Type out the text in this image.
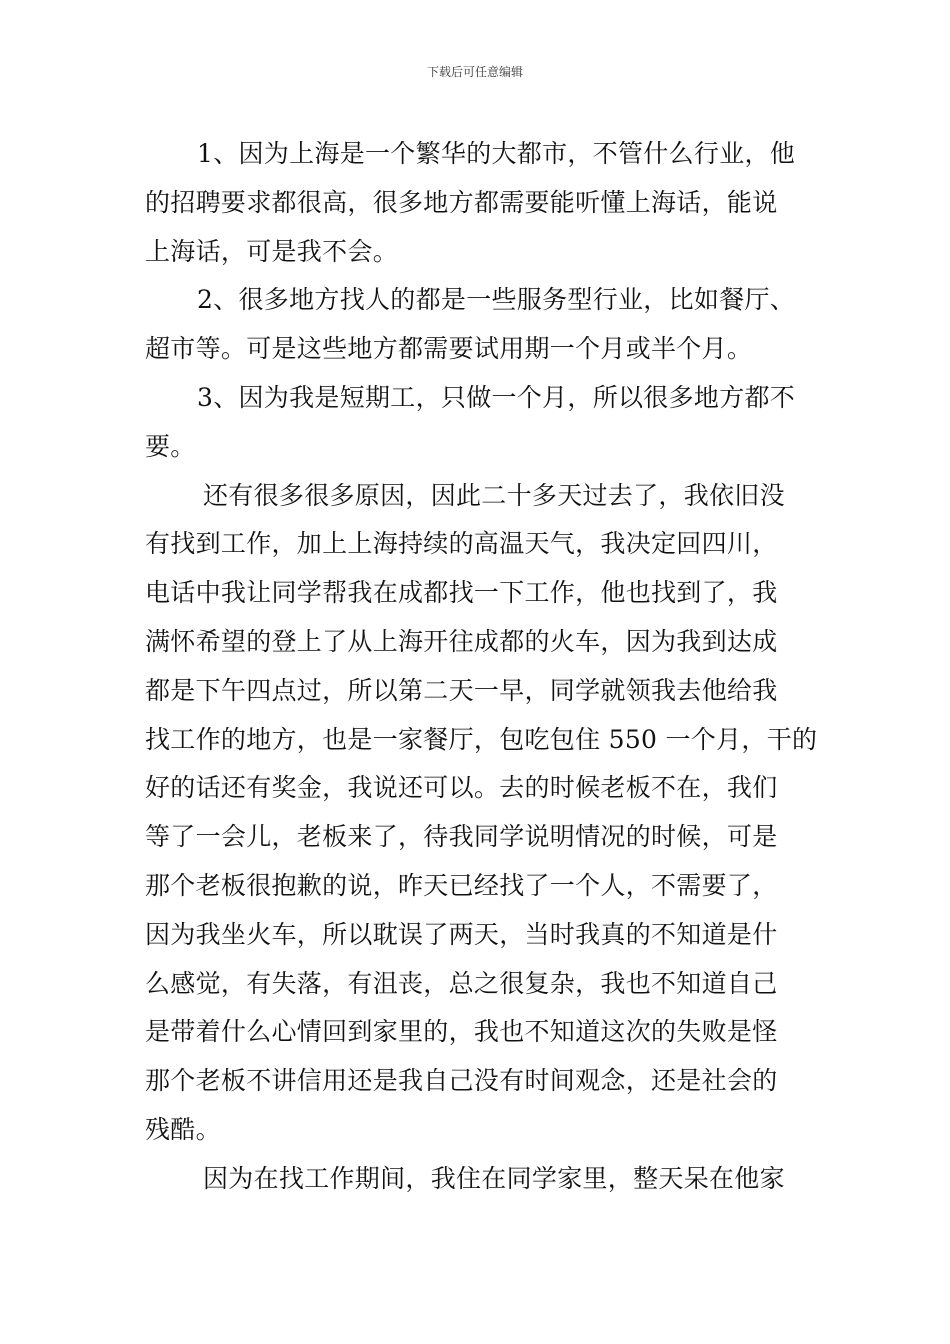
下载后可任意编辑
1、因为上海是一个繁华的大都市，不管什么行业，他
的招聘要求都很高，很多地方都需要能听懂上海话，能说
上海话，可是我不会。
2、很多地方找人的都是一些服务型行业，比如餐厅、
超市等。可是这些地方都需要试用期一个月或半个月。
3、因为我是短期工，只做一个月，所以很多地方都不
要。
还有很多很多原因，因此二十多天过去了，我依旧没
有找到工作，加上上海持续的高温天气，我决定回四川，
电话中我让同学帮我在成都找一下工作，他也找到了，我
满怀希望的登上了从上海开往成都的火车，因为我到达成
都是下午四点过，所以第二天一早，同学就领我去他给我
找工作的地方，也是一家餐厅，包吃包住 550 一个月，干的
好的话还有奖金，我说还可以。去的时候老板不在，我们
等了一会儿，老板来了，待我同学说明情况的时候，可是
那个老板很抱歉的说，昨天已经找了一个人，不需要了，
因为我坐火车，所以耽误了两天，当时我真的不知道是什
么感觉，有失落，有沮丧，总之很复杂，我也不知道自己
是带着什么心情回到家里的，我也不知道这次的失败是怪
那个老板不讲信用还是我自己没有时间观念，还是社会的
残酷。
因为在找工作期间，我住在同学家里，整天呆在他家
